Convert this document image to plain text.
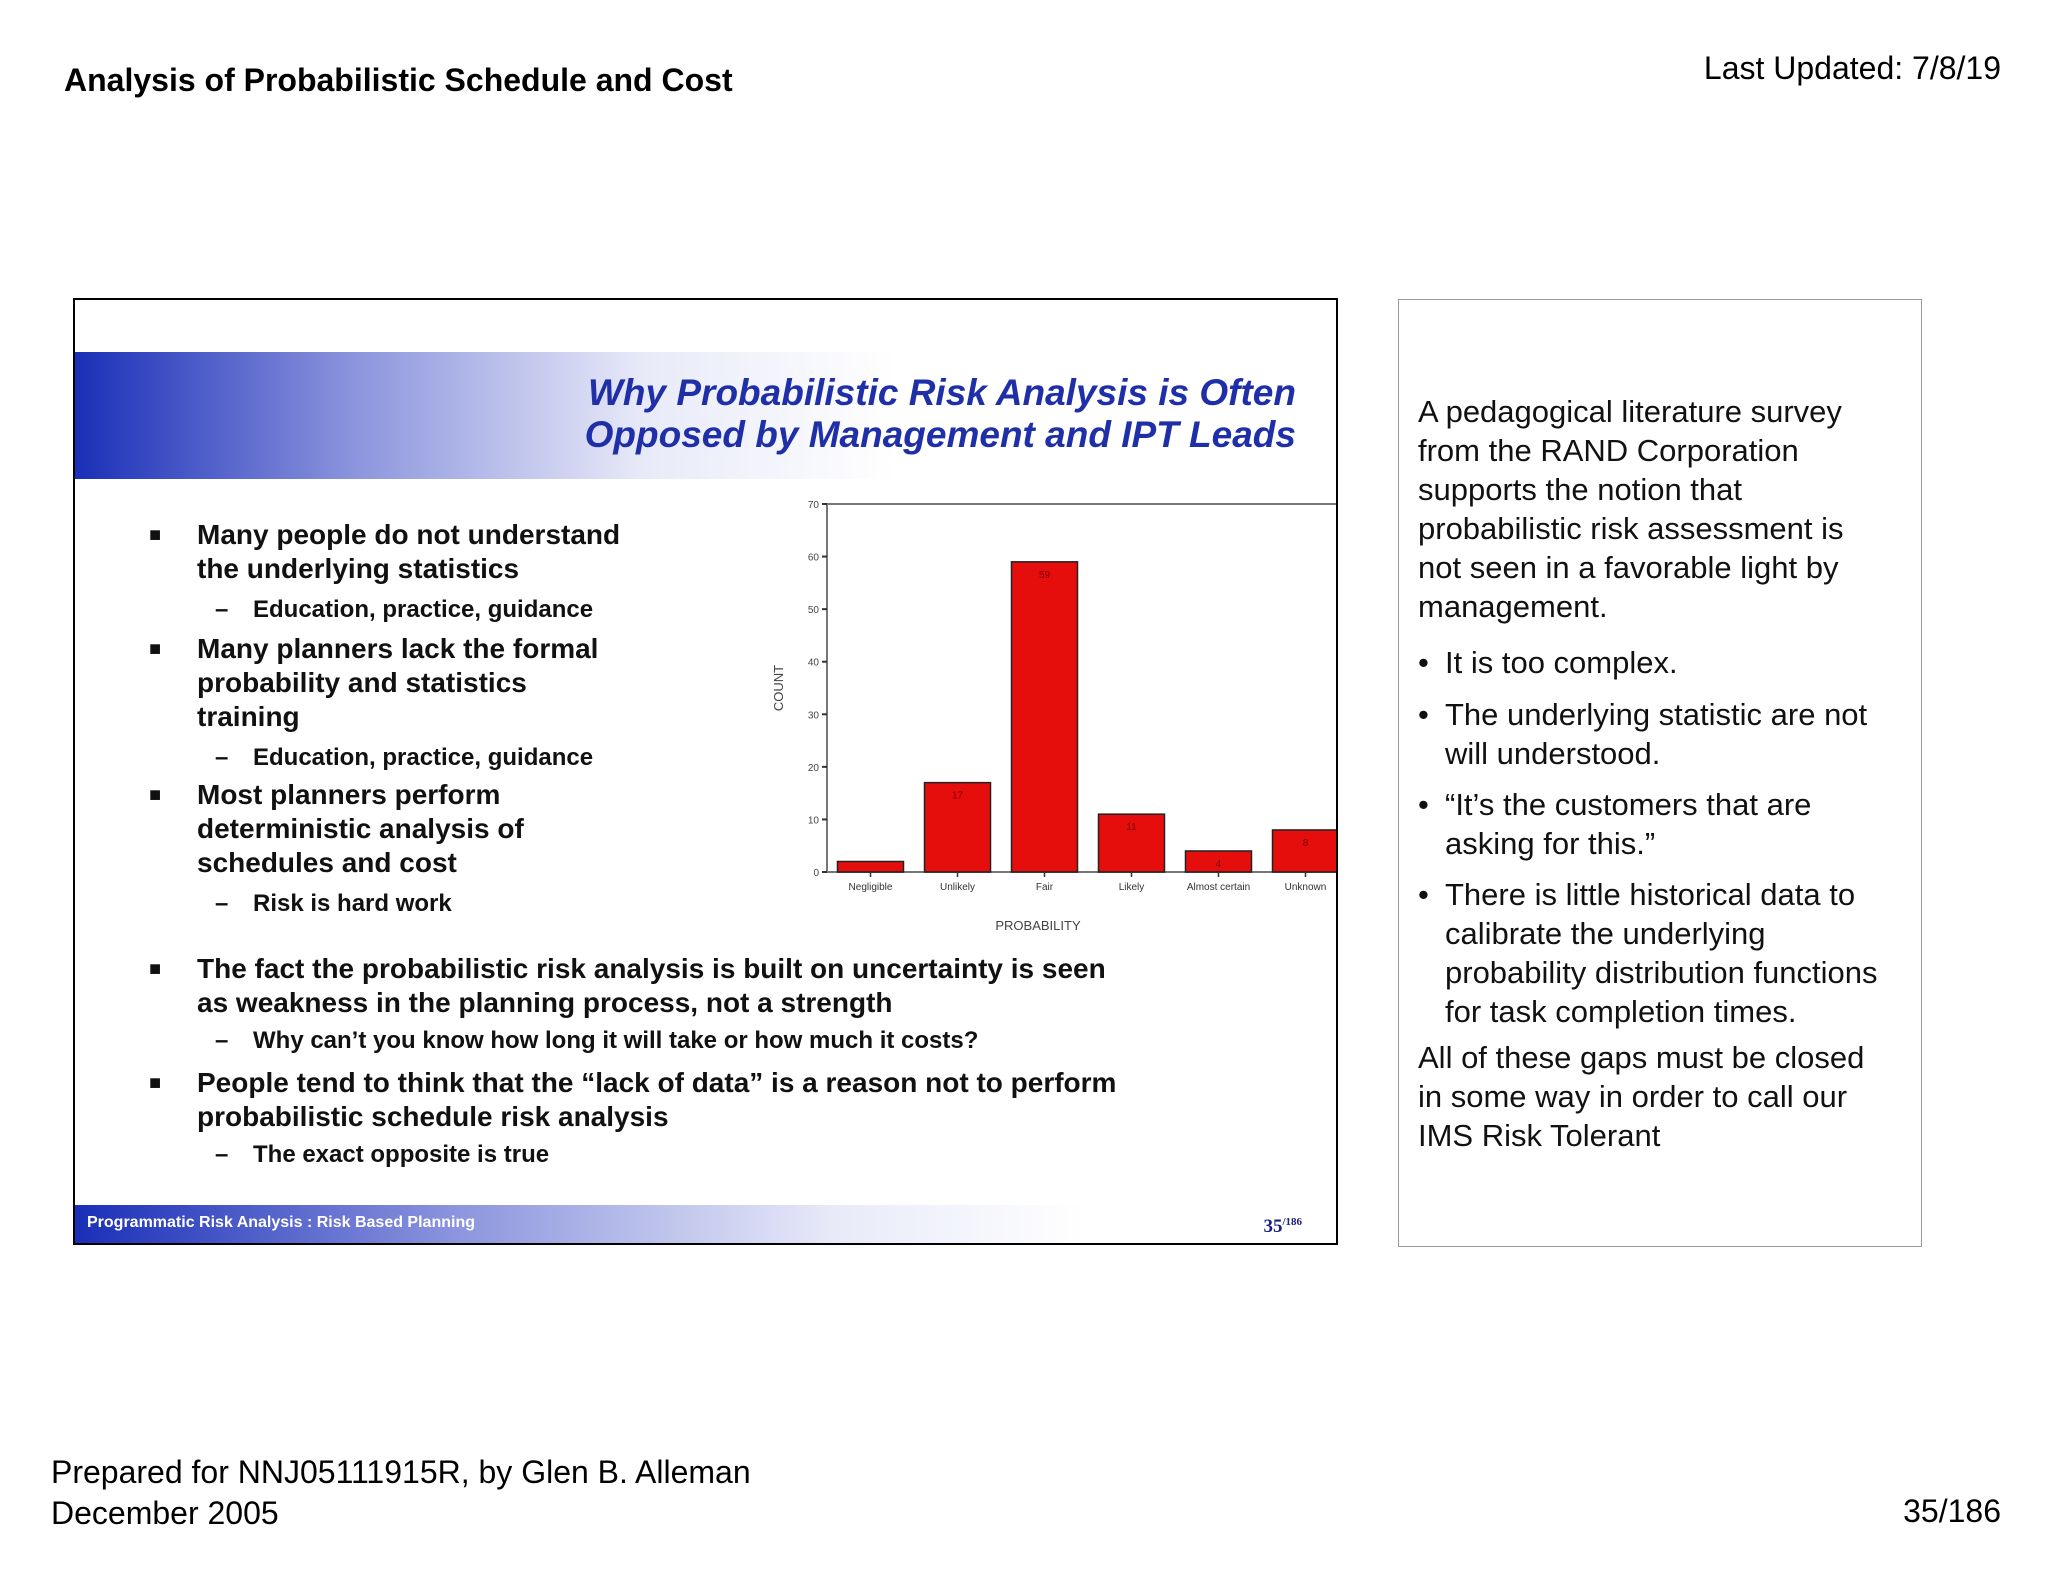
Analysis of Probabilistic Schedule and Cost	Last Updated: 7/8/19
Why Probabilistic Risk Analysis is Often
Opposed by Management and IPT Leads
■ Many people do not understand
the underlying statistics
– Education, practice, guidance
■ Many planners lack the formal
probability and statistics
training
– Education, practice, guidance
■ Most planners perform
deterministic analysis of
schedules and cost
– Risk is hard work
■ The fact the probabilistic risk analysis is built on uncertainty is seen
as weakness in the planning process, not a strength
– Why can’t you know how long it will take or how much it costs?
■ People tend to think that the “lack of data” is a reason not to perform
probabilistic schedule risk analysis
– The exact opposite is true
0
10
20
30
40
50
60
70
Negligible
17
Unlikely
59
Fair
11
Likely
4
Almost certain
8
Unknown
PROBABILITY
COUNT
Programmatic Risk Analysis : Risk Based Planning	$35^{/186}$
A pedagogical literature survey
from the RAND Corporation
supports the notion that
probabilistic risk assessment is
not seen in a favorable light by
management.
• It is too complex.
• The underlying statistic are not
will understood.
• “It’s the customers that are
asking for this.”
• There is little historical data to
calibrate the underlying
probability distribution functions
for task completion times.
All of these gaps must be closed
in some way in order to call our
IMS Risk Tolerant
Prepared for NNJ05111915R, by Glen B. Alleman
December 2005	35/186
